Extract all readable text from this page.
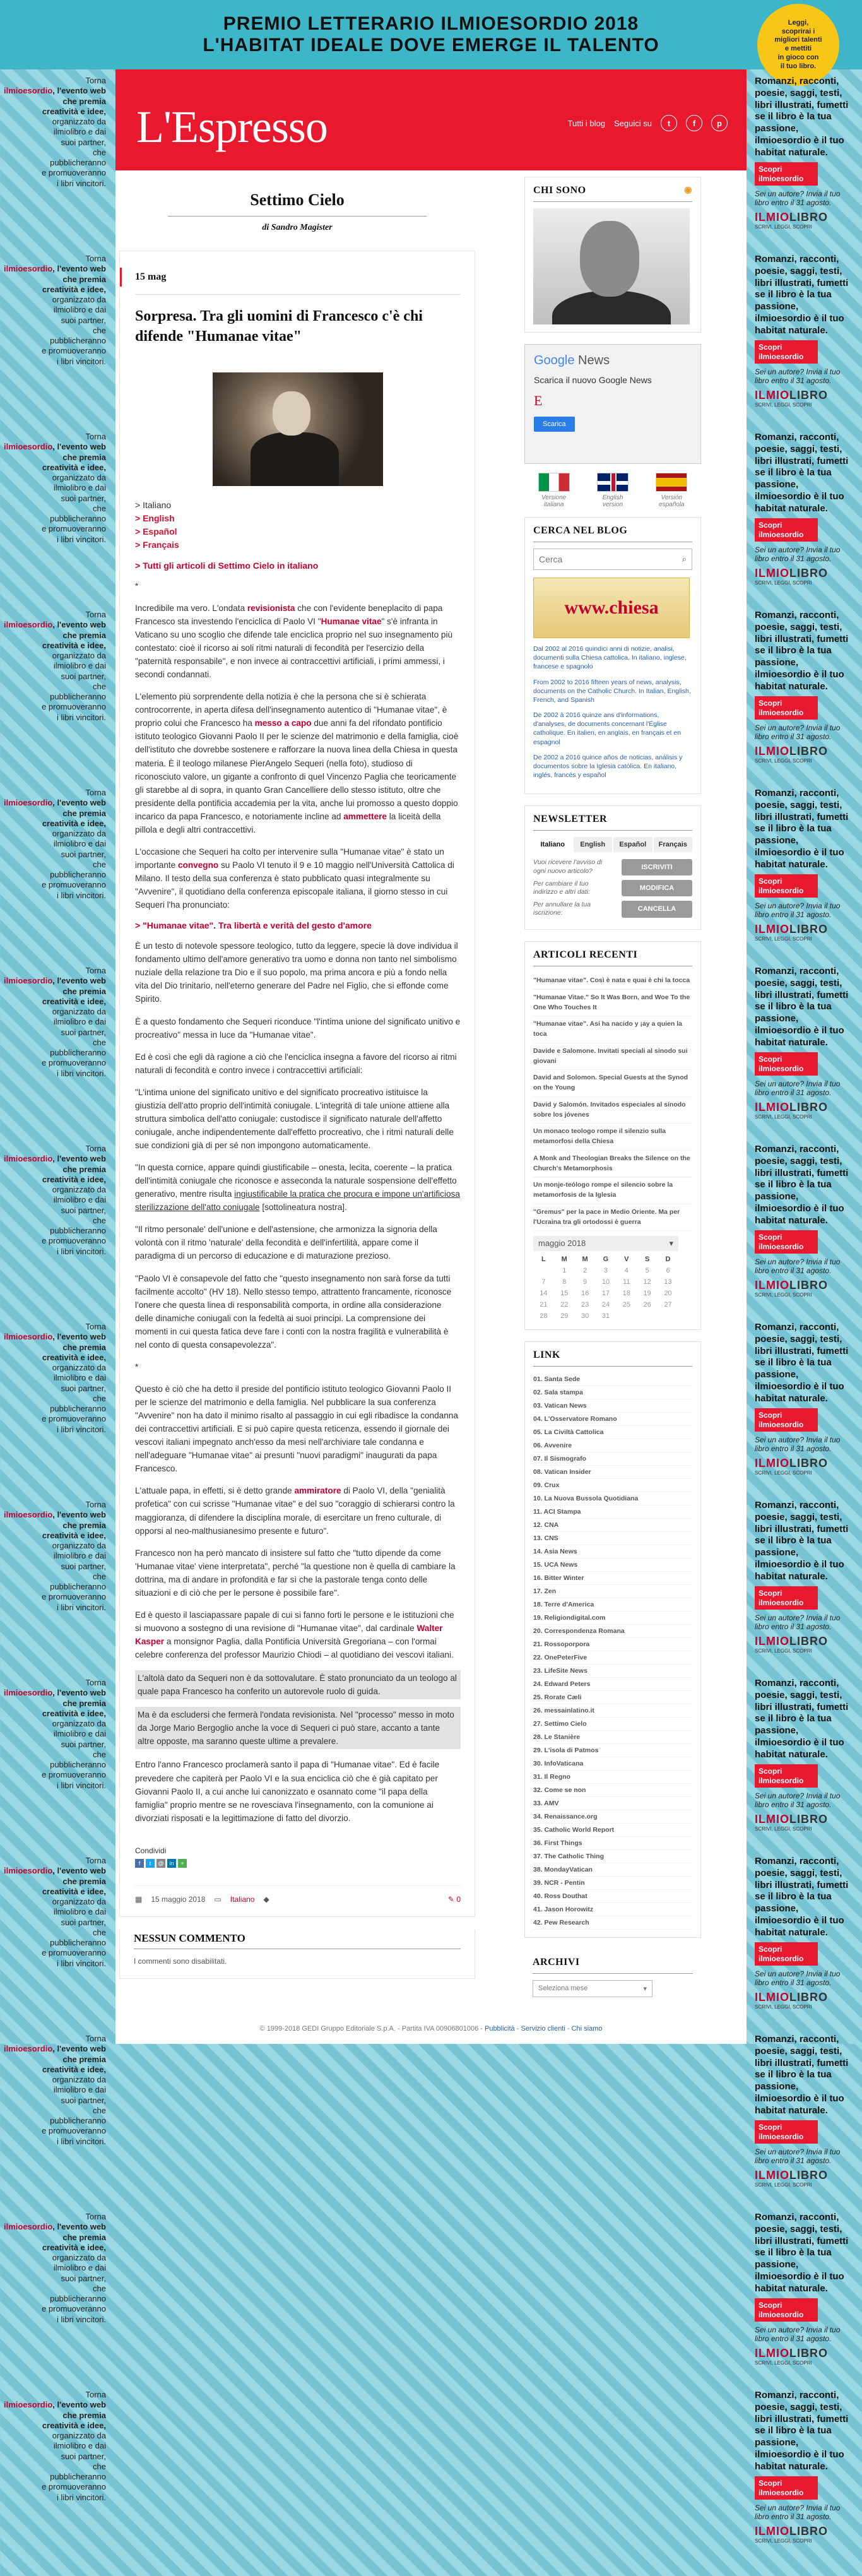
PREMIO LETTERARIO ILMIOESORDIO 2018
L'HABITAT IDEALE DOVE EMERGE IL TALENTO
Leggi,
scoprirai i
migliori talenti
e mettiti
in gioco con
il tuo libro.
Torna
ilmioesordio, l'evento web
che premia
creatività e idee,
organizzato da
ilmiolibro e dai
suoi partner,
che
pubblicheranno
e promuoveranno
i libri vincitori.
Torna
ilmioesordio, l'evento web
che premia
creatività e idee,
organizzato da
ilmiolibro e dai
suoi partner,
che
pubblicheranno
e promuoveranno
i libri vincitori.
Torna
ilmioesordio, l'evento web
che premia
creatività e idee,
organizzato da
ilmiolibro e dai
suoi partner,
che
pubblicheranno
e promuoveranno
i libri vincitori.
Torna
ilmioesordio, l'evento web
che premia
creatività e idee,
organizzato da
ilmiolibro e dai
suoi partner,
che
pubblicheranno
e promuoveranno
i libri vincitori.
Torna
ilmioesordio, l'evento web
che premia
creatività e idee,
organizzato da
ilmiolibro e dai
suoi partner,
che
pubblicheranno
e promuoveranno
i libri vincitori.
Torna
ilmioesordio, l'evento web
che premia
creatività e idee,
organizzato da
ilmiolibro e dai
suoi partner,
che
pubblicheranno
e promuoveranno
i libri vincitori.
Torna
ilmioesordio, l'evento web
che premia
creatività e idee,
organizzato da
ilmiolibro e dai
suoi partner,
che
pubblicheranno
e promuoveranno
i libri vincitori.
Torna
ilmioesordio, l'evento web
che premia
creatività e idee,
organizzato da
ilmiolibro e dai
suoi partner,
che
pubblicheranno
e promuoveranno
i libri vincitori.
Torna
ilmioesordio, l'evento web
che premia
creatività e idee,
organizzato da
ilmiolibro e dai
suoi partner,
che
pubblicheranno
e promuoveranno
i libri vincitori.
Torna
ilmioesordio, l'evento web
che premia
creatività e idee,
organizzato da
ilmiolibro e dai
suoi partner,
che
pubblicheranno
e promuoveranno
i libri vincitori.
Torna
ilmioesordio, l'evento web
che premia
creatività e idee,
organizzato da
ilmiolibro e dai
suoi partner,
che
pubblicheranno
e promuoveranno
i libri vincitori.
Torna
ilmioesordio, l'evento web
che premia
creatività e idee,
organizzato da
ilmiolibro e dai
suoi partner,
che
pubblicheranno
e promuoveranno
i libri vincitori.
Torna
ilmioesordio, l'evento web
che premia
creatività e idee,
organizzato da
ilmiolibro e dai
suoi partner,
che
pubblicheranno
e promuoveranno
i libri vincitori.
Torna
ilmioesordio, l'evento web
che premia
creatività e idee,
organizzato da
ilmiolibro e dai
suoi partner,
che
pubblicheranno
e promuoveranno
i libri vincitori.
Romanzi, racconti, poesie, saggi, testi, libri illustrati, fumetti se il libro è la tua passione, ilmioesordio è il tuo habitat naturale.
Scopri ilmioesordio
Sei un autore? Invia il tuo libro entro il 31 agosto.
ILMIOLIBRO
SCRIVI, LEGGI, SCOPRI
Romanzi, racconti, poesie, saggi, testi, libri illustrati, fumetti se il libro è la tua passione, ilmioesordio è il tuo habitat naturale.
Scopri ilmioesordio
Sei un autore? Invia il tuo libro entro il 31 agosto.
ILMIOLIBRO
SCRIVI, LEGGI, SCOPRI
Romanzi, racconti, poesie, saggi, testi, libri illustrati, fumetti se il libro è la tua passione, ilmioesordio è il tuo habitat naturale.
Scopri ilmioesordio
Sei un autore? Invia il tuo libro entro il 31 agosto.
ILMIOLIBRO
SCRIVI, LEGGI, SCOPRI
Romanzi, racconti, poesie, saggi, testi, libri illustrati, fumetti se il libro è la tua passione, ilmioesordio è il tuo habitat naturale.
Scopri ilmioesordio
Sei un autore? Invia il tuo libro entro il 31 agosto.
ILMIOLIBRO
SCRIVI, LEGGI, SCOPRI
Romanzi, racconti, poesie, saggi, testi, libri illustrati, fumetti se il libro è la tua passione, ilmioesordio è il tuo habitat naturale.
Scopri ilmioesordio
Sei un autore? Invia il tuo libro entro il 31 agosto.
ILMIOLIBRO
SCRIVI, LEGGI, SCOPRI
Romanzi, racconti, poesie, saggi, testi, libri illustrati, fumetti se il libro è la tua passione, ilmioesordio è il tuo habitat naturale.
Scopri ilmioesordio
Sei un autore? Invia il tuo libro entro il 31 agosto.
ILMIOLIBRO
SCRIVI, LEGGI, SCOPRI
Romanzi, racconti, poesie, saggi, testi, libri illustrati, fumetti se il libro è la tua passione, ilmioesordio è il tuo habitat naturale.
Scopri ilmioesordio
Sei un autore? Invia il tuo libro entro il 31 agosto.
ILMIOLIBRO
SCRIVI, LEGGI, SCOPRI
Romanzi, racconti, poesie, saggi, testi, libri illustrati, fumetti se il libro è la tua passione, ilmioesordio è il tuo habitat naturale.
Scopri ilmioesordio
Sei un autore? Invia il tuo libro entro il 31 agosto.
ILMIOLIBRO
SCRIVI, LEGGI, SCOPRI
Romanzi, racconti, poesie, saggi, testi, libri illustrati, fumetti se il libro è la tua passione, ilmioesordio è il tuo habitat naturale.
Scopri ilmioesordio
Sei un autore? Invia il tuo libro entro il 31 agosto.
ILMIOLIBRO
SCRIVI, LEGGI, SCOPRI
Romanzi, racconti, poesie, saggi, testi, libri illustrati, fumetti se il libro è la tua passione, ilmioesordio è il tuo habitat naturale.
Scopri ilmioesordio
Sei un autore? Invia il tuo libro entro il 31 agosto.
ILMIOLIBRO
SCRIVI, LEGGI, SCOPRI
Romanzi, racconti, poesie, saggi, testi, libri illustrati, fumetti se il libro è la tua passione, ilmioesordio è il tuo habitat naturale.
Scopri ilmioesordio
Sei un autore? Invia il tuo libro entro il 31 agosto.
ILMIOLIBRO
SCRIVI, LEGGI, SCOPRI
Romanzi, racconti, poesie, saggi, testi, libri illustrati, fumetti se il libro è la tua passione, ilmioesordio è il tuo habitat naturale.
Scopri ilmioesordio
Sei un autore? Invia il tuo libro entro il 31 agosto.
ILMIOLIBRO
SCRIVI, LEGGI, SCOPRI
Romanzi, racconti, poesie, saggi, testi, libri illustrati, fumetti se il libro è la tua passione, ilmioesordio è il tuo habitat naturale.
Scopri ilmioesordio
Sei un autore? Invia il tuo libro entro il 31 agosto.
ILMIOLIBRO
SCRIVI, LEGGI, SCOPRI
Romanzi, racconti, poesie, saggi, testi, libri illustrati, fumetti se il libro è la tua passione, ilmioesordio è il tuo habitat naturale.
Scopri ilmioesordio
Sei un autore? Invia il tuo libro entro il 31 agosto.
ILMIOLIBRO
SCRIVI, LEGGI, SCOPRI
L'Espresso	Tutti i blog Seguici su	t	f	p
Settimo Cielo
di Sandro Magister
15 mag
Sorpresa. Tra gli uomini di Francesco c'è chi difende "Humanae vitae"
> Italiano
> English
> Español
> Français
> Tutti gli articoli di Settimo Cielo in italiano
*

Incredibile ma vero. L'ondata revisionista che con l'evidente beneplacito di papa Francesco sta investendo l'enciclica di Paolo VI "Humanae vitae" s'è infranta in Vaticano su uno scoglio che difende tale enciclica proprio nel suo insegnamento più contestato: cioè il ricorso ai soli ritmi naturali di fecondità per l'esercizio della "paternità responsabile", e non invece ai contraccettivi artificiali, i primi ammessi, i secondi condannati.

L'elemento più sorprendente della notizia è che la persona che si è schierata controcorrente, in aperta difesa dell'insegnamento autentico di "Humanae vitae", è proprio colui che Francesco ha messo a capo due anni fa del rifondato pontificio istituto teologico Giovanni Paolo II per le scienze del matrimonio e della famiglia, cioè dell'istituto che dovrebbe sostenere e rafforzare la nuova linea della Chiesa in questa materia. È il teologo milanese PierAngelo Sequeri (nella foto), studioso di riconosciuto valore, un gigante a confronto di quel Vincenzo Paglia che teoricamente gli starebbe al di sopra, in quanto Gran Cancelliere dello stesso istituto, oltre che presidente della pontificia accademia per la vita, anche lui promosso a questo doppio incarico da papa Francesco, e notoriamente incline ad ammettere la liceità della pillola e degli altri contraccettivi.

L'occasione che Sequeri ha colto per intervenire sulla "Humanae vitae" è stato un importante convegno su Paolo VI tenuto il 9 e 10 maggio nell'Università Cattolica di Milano. Il testo della sua conferenza è stato pubblicato quasi integralmente su "Avvenire", il quotidiano della conferenza episcopale italiana, il giorno stesso in cui Sequeri l'ha pronunciato:

> "Humanae vitae". Tra libertà e verità del gesto d'amore

È un testo di notevole spessore teologico, tutto da leggere, specie là dove individua il fondamento ultimo dell'amore generativo tra uomo e donna non tanto nel simbolismo nuziale della relazione tra Dio e il suo popolo, ma prima ancora e più a fondo nella vita del Dio trinitario, nell'eterno generare del Padre nel Figlio, che si effonde come Spirito.

È a questo fondamento che Sequeri riconduce "l'intima unione del significato unitivo e procreativo" messa in luce da "Humanae vitae".

Ed è così che egli dà ragione a ciò che l'enciclica insegna a favore del ricorso ai ritmi naturali di fecondità e contro invece i contraccettivi artificiali:

"L'intima unione del significato unitivo e del significato procreativo istituisce la giustizia dell'atto proprio dell'intimità coniugale. L'integrità di tale unione attiene alla struttura simbolica dell'atto coniugale: custodisce il significato naturale dell'affetto coniugale, anche indipendentemente dall'effetto procreativo, che i ritmi naturali delle sue condizioni già di per sé non impongono automaticamente.

"In questa cornice, appare quindi giustificabile – onesta, lecita, coerente – la pratica dell'intimità coniugale che riconosce e asseconda la naturale sospensione dell'effetto generativo, mentre risulta ingiustificabile la pratica che procura e impone un'artificiosa sterilizzazione dell'atto coniugale [sottolineatura nostra].

"Il ritmo personale' dell'unione e dell'astensione, che armonizza la signoria della volontà con il ritmo 'naturale' della fecondità e dell'infertilità, appare come il paradigma di un percorso di educazione e di maturazione prezioso.

"Paolo VI è consapevole del fatto che "questo insegnamento non sarà forse da tutti facilmente accolto" (HV 18). Nello stesso tempo, attrattento francamente, riconosce l'onere che questa linea di responsabilità comporta, in ordine alla considerazione delle dinamiche coniugali con la fedeltà ai suoi principi. La comprensione dei momenti in cui questa fatica deve fare i conti con la nostra fragilità e vulnerabilità è nel conto di questa consapevolezza".

*

Questo è ciò che ha detto il preside del pontificio istituto teologico Giovanni Paolo II per le scienze del matrimonio e della famiglia. Nel pubblicare la sua conferenza "Avvenire" non ha dato il minimo risalto al passaggio in cui egli ribadisce la condanna dei contraccettivi artificiali. E si può capire questa reticenza, essendo il giornale dei vescovi italiani impegnato anch'esso da mesi nell'archiviare tale condanna e nell'adeguare "Humanae vitae" ai presunti "nuovi paradigmi" inaugurati da papa Francesco.

L'attuale papa, in effetti, si è detto grande ammiratore di Paolo VI, della "genialità profetica" con cui scrisse "Humanae vitae" e del suo "coraggio di schierarsi contro la maggioranza, di difendere la disciplina morale, di esercitare un freno culturale, di opporsi al neo-malthusianesimo presente e futuro".

Francesco non ha però mancato di insistere sul fatto che "tutto dipende da come 'Humanae vitae' viene interpretata", perché "la questione non è quella di cambiare la dottrina, ma di andare in profondità e far sì che la pastorale tenga conto delle situazioni e di ciò che per le persone è possibile fare".

Ed è questo il lasciapassare papale di cui si fanno forti le persone e le istituzioni che si muovono a sostegno di una revisione di "Humanae vitae", dal cardinale Walter Kasper a monsignor Paglia, dalla Pontificia Università Gregoriana – con l'ormai celebre conferenza del professor Maurizio Chiodi – al quotidiano dei vescovi italiani.

L'altolà dato da Sequeri non è da sottovalutare. È stato pronunciato da un teologo al quale papa Francesco ha conferito un autorevole ruolo di guida.
Ma è da escludersi che fermerà l'ondata revisionista. Nel "processo" messo in moto da Jorge Mario Bergoglio anche la voce di Sequeri ci può stare, accanto a tante altre opposte, ma saranno queste ultime a prevalere.

Entro l'anno Francesco proclamerà santo il papa di "Humanae vitae". Ed è facile prevedere che capiterà per Paolo VI e la sua enciclica ciò che è già capitato per Giovanni Paolo II, a cui anche lui canonizzato e osannato come "il papa della famiglia" proprio mentre se ne rovesciava l'insegnamento, con la comunione ai divorziati risposati e la legittimazione di fatto del divorzio.

Condividi
f	t	@ in	+
▦ 15 maggio 2018 ▭ Italiano ◆	✎ 0
NESSUN COMMENTO

I commenti sono disabilitati.

CHI SONO	◉
Google News
Scarica il nuovo Google News
E
Scarica
Versione
italiana
English
version
Versión
española
CERCA NEL BLOG
Cerca
⌕
www.chiesa

Dal 2002 al 2016 quindici anni di notizie, analisi, documenti sulla Chiesa cattolica. In italiano, inglese, francese e spagnolo

From 2002 to 2016 fifteen years of news, analysis, documents on the Catholic Church. In Italian, English, French, and Spanish

De 2002 à 2016 quinze ans d'informations, d'analyses, de documents concernant l'Église catholique. En italien, en anglais, en français et en espagnol

De 2002 a 2016 quince años de noticias, análisis y documentos sobre la Iglesia católica. En italiano, inglés, francés y español

NEWSLETTER
Italiano	English	Español	Français
Vuoi ricevere l'avviso di ogni nuovo articolo?
ISCRIVITI
Per cambiare il tuo indirizzo e altri dati:
MODIFICA
Per annullare la tua iscrizione:
CANCELLA
ARTICOLI RECENTI
"Humanae vitae". Così è nata e quai è chi la tocca
"Humanae Vitae." So It Was Born, and Woe To the One Who Touches It
"Humanae vitae". Así ha nacido y ¡ay a quien la toca
Davide e Salomone. Invitati speciali al sinodo sui giovani
David and Solomon. Special Guests at the Synod on the Young
David y Salomón. Invitados especiales al sínodo sobre los jóvenes
Un monaco teologo rompe il silenzio sulla metamorfosi della Chiesa
A Monk and Theologian Breaks the Silence on the Church's Metamorphosis
Un monje-teólogo rompe el silencio sobre la metamorfosis de la Iglesia
"Gremus" per la pace in Medio Oriente. Ma per l'Ucraina tra gli ortodossi è guerra
maggio 2018	▾
L	M	M	G	V	S	D
	1	2	3	4	5	6
7	8	9	10	11	12	13
14	15	16	17	18	19	20
21	22	23	24	25	26	27
28	29	30	31			
LINK
01. Santa Sede
02. Sala stampa
03. Vatican News
04. L'Osservatore Romano
05. La Civiltà Cattolica
06. Avvenire
07. Il Sismografo
08. Vatican Insider
09. Crux
10. La Nuova Bussola Quotidiana
11. ACI Stampa
12. CNA
13. CNS
14. Asia News
15. UCA News
16. Bitter Winter
17. Zen
18. Terre d'America
19. Religiondigital.com
20. Correspondenza Romana
21. Rossoporpora
22. OnePeterFive
23. LifeSite News
24. Edward Peters
25. Rorate Cæli
26. messainlatino.it
27. Settimo Cielo
28. Le Stanière
29. L'isola di Patmos
30. InfoVaticana
31. Il Regno
32. Come se non
33. AMV
34. Renaissance.org
35. Catholic World Report
36. First Things
37. The Catholic Thing
38. MondayVatican
39. NCR - Pentin
40. Ross Douthat
41. Jason Horowitz
42. Pew Research
ARCHIVI
Seleziona mese	▾
© 1999-2018 GEDI Gruppo Editoriale S.p.A. - Partita IVA 00906801006 - Pubblicità - Servizio clienti - Chi siamo
